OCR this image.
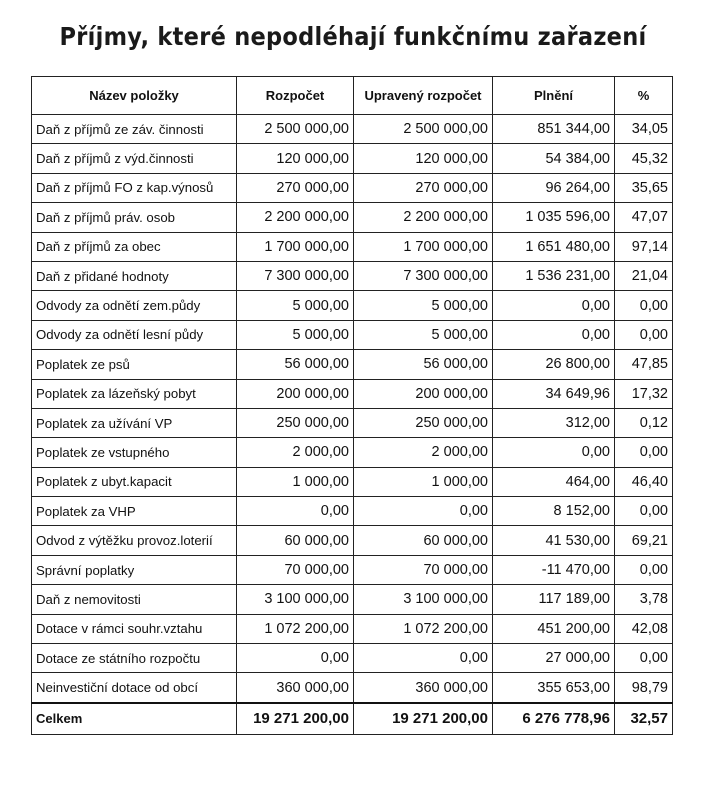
Příjmy, které nepodléhají funkčnímu zařazení
Název položky	Rozpočet	Upravený rozpočet	Plnění	%
Daň z příjmů ze záv. činnosti	2 500 000,00	2 500 000,00	851 344,00	34,05
Daň z příjmů z výd.činnosti	120 000,00	120 000,00	54 384,00	45,32
Daň z příjmů FO z kap.výnosů	270 000,00	270 000,00	96 264,00	35,65
Daň z příjmů práv. osob	2 200 000,00	2 200 000,00	1 035 596,00	47,07
Daň z příjmů za obec	1 700 000,00	1 700 000,00	1 651 480,00	97,14
Daň z přidané hodnoty	7 300 000,00	7 300 000,00	1 536 231,00	21,04
Odvody za odnětí zem.půdy	5 000,00	5 000,00	0,00	0,00
Odvody za odnětí lesní půdy	5 000,00	5 000,00	0,00	0,00
Poplatek ze psů	56 000,00	56 000,00	26 800,00	47,85
Poplatek za lázeňský pobyt	200 000,00	200 000,00	34 649,96	17,32
Poplatek za užívání VP	250 000,00	250 000,00	312,00	0,12
Poplatek ze vstupného	2 000,00	2 000,00	0,00	0,00
Poplatek z ubyt.kapacit	1 000,00	1 000,00	464,00	46,40
Poplatek za VHP	0,00	0,00	8 152,00	0,00
Odvod z výtěžku provoz.loterií	60 000,00	60 000,00	41 530,00	69,21
Správní poplatky	70 000,00	70 000,00	-11 470,00	0,00
Daň z nemovitosti	3 100 000,00	3 100 000,00	117 189,00	3,78
Dotace v rámci souhr.vztahu	1 072 200,00	1 072 200,00	451 200,00	42,08
Dotace ze státního rozpočtu	0,00	0,00	27 000,00	0,00
Neinvestiční dotace od obcí	360 000,00	360 000,00	355 653,00	98,79
Celkem	19 271 200,00	19 271 200,00	6 276 778,96	32,57
